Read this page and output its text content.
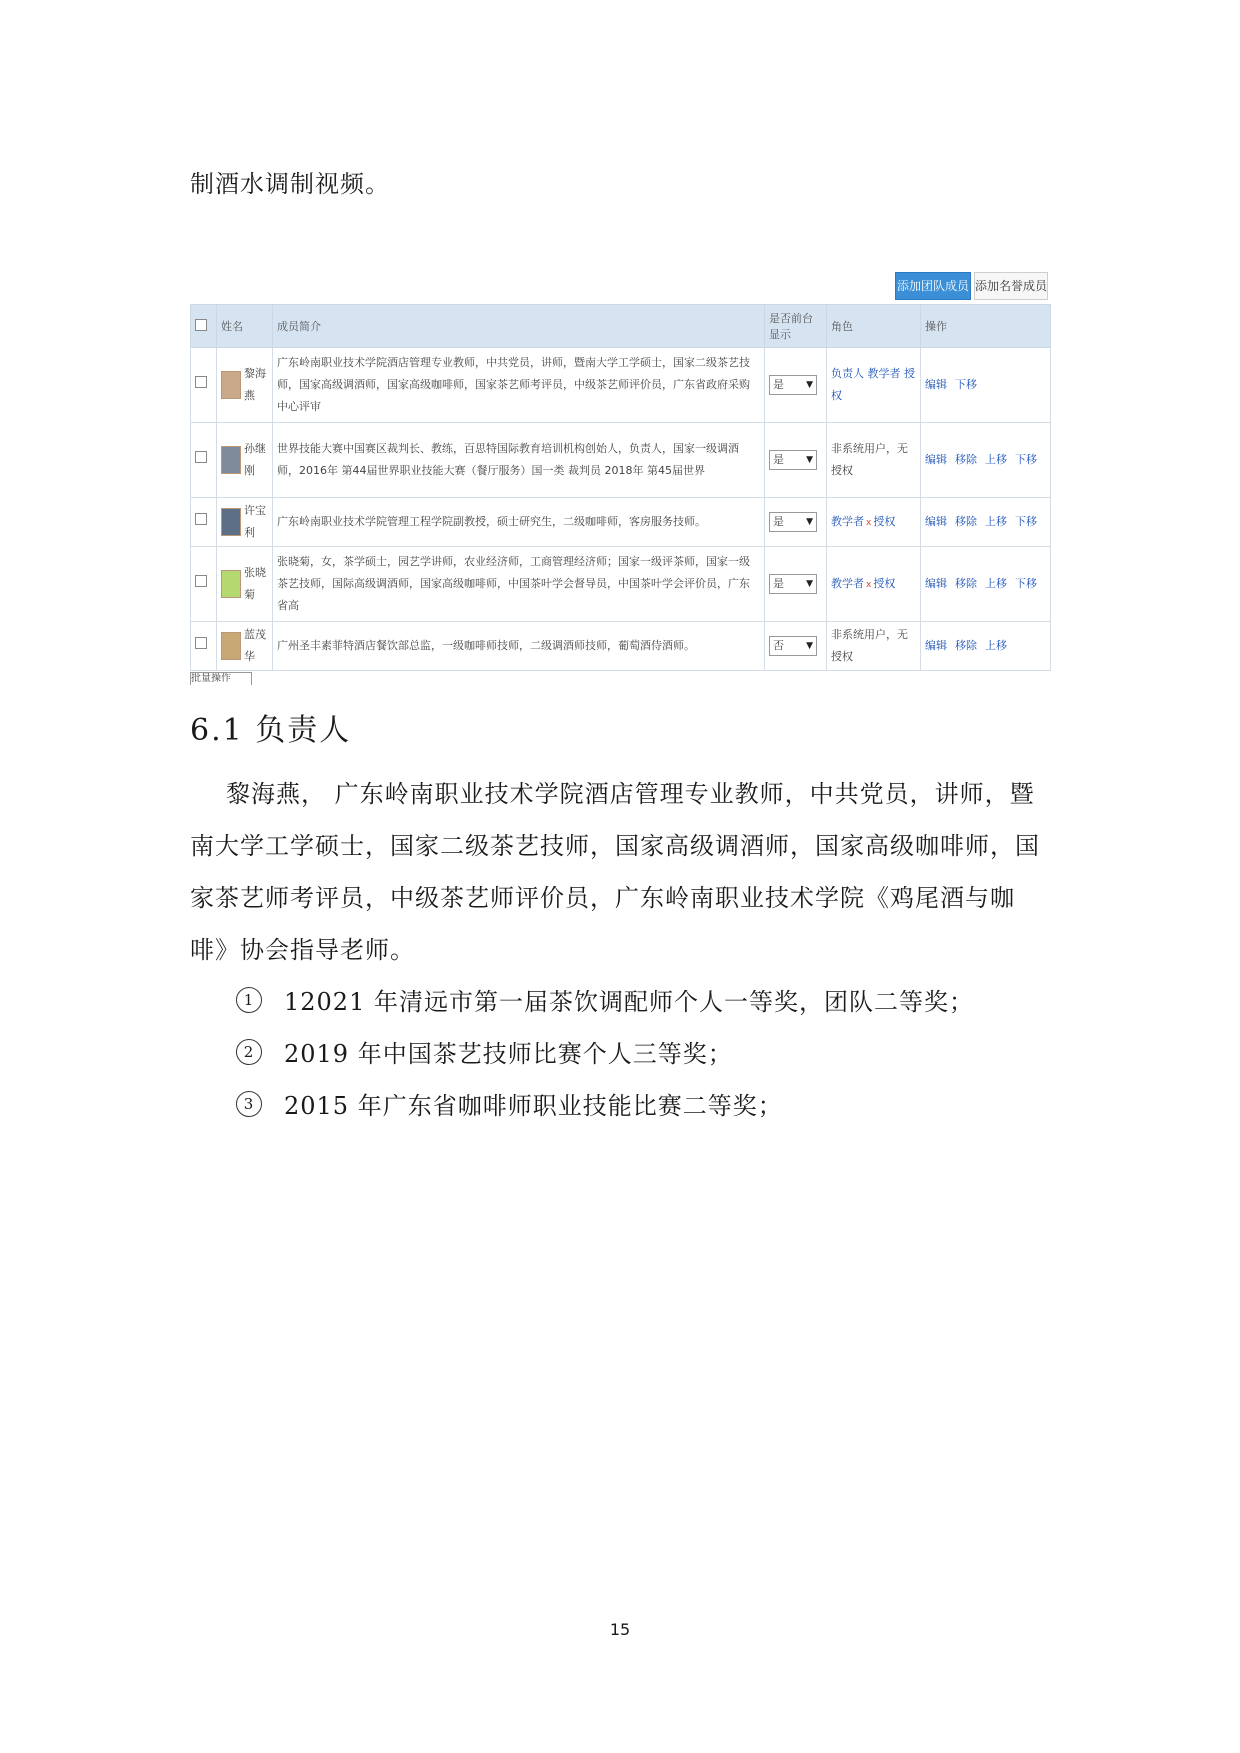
制酒水调制视频。
添加团队成员 添加名誉成员
	姓名	成员简介	是否前台显示	角色	操作

	黎海燕	广东岭南职业技术学院酒店管理专业教师，中共党员，讲师，暨南大学工学硕士，国家二级茶艺技师，国家高级调酒师，国家高级咖啡师，国家茶艺师考评员，中级茶艺师评价员，广东省政府采购中心评审	是 ▼	负责人 教学者 授权	编辑 下移

	孙继刚	世界技能大赛中国赛区裁判长、教练，百思特国际教育培训机构创始人，负责人，国家一级调酒师，2016年 第44届世界职业技能大赛（餐厅服务）国一类 裁判员 2018年 第45届世界	是 ▼	非系统用户，无授权	编辑 移除 上移 下移

	许宝利	广东岭南职业技术学院管理工程学院副教授，硕士研究生，二级咖啡师，客房服务技师。	是 ▼	教学者 x 授权	编辑 移除 上移 下移

	张晓菊	张晓菊，女，茶学硕士，园艺学讲师，农业经济师，工商管理经济师；国家一级评茶师，国家一级茶艺技师，国际高级调酒师，国家高级咖啡师，中国茶叶学会督导员，中国茶叶学会评价员，广东省高	是 ▼	教学者 x 授权	编辑 移除 上移 下移

	蓝茂华	广州圣丰素菲特酒店餐饮部总监，一级咖啡师技师，二级调酒师技师，葡萄酒侍酒师。	否 ▼	非系统用户，无授权	编辑 移除 上移
批量操作
6.1 负责人
黎海燕， 广东岭南职业技术学院酒店管理专业教师，中共党员，讲师，暨南大学工学硕士，国家二级茶艺技师，国家高级调酒师，国家高级咖啡师，国家茶艺师考评员，中级茶艺师评价员，广东岭南职业技术学院《鸡尾酒与咖啡》协会指导老师。
1	12021 年清远市第一届茶饮调配师个人一等奖，团队二等奖；
2	2019 年中国茶艺技师比赛个人三等奖；
3	2015 年广东省咖啡师职业技能比赛二等奖；
15
